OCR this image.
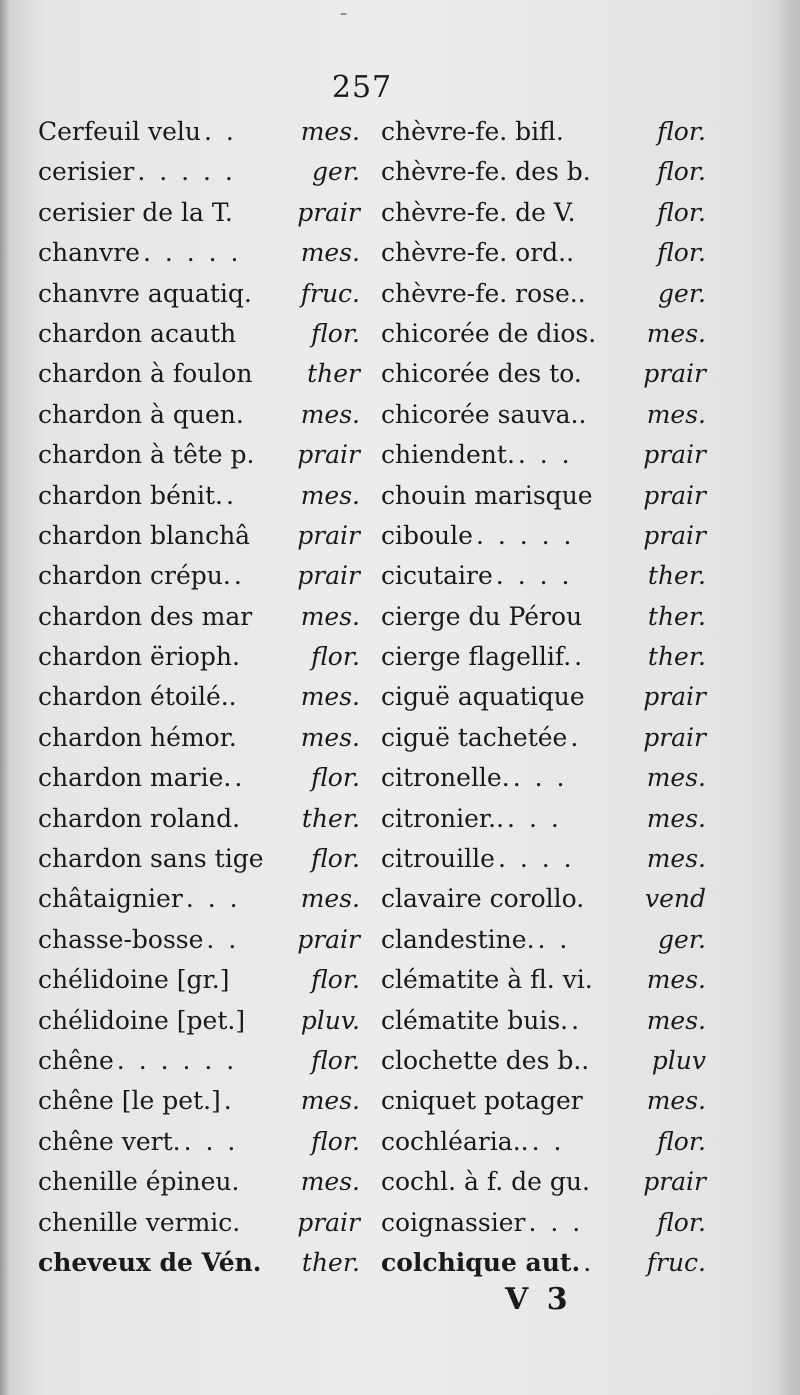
–
257
Cerfeuil velu . .	mes.
cerisier . . . . .	ger.
cerisier de la T.	prair
chanvre . . . . .	mes.
chanvre aquatiq. fruc.
chardon acauth	flor.
chardon à foulon ther
chardon à quen. mes.
chardon à tête p. prair
chardon bénit. .	mes.
chardon blanchâ prair
chardon crépu. .	prair
chardon des mar mes.
chardon ërioph.	flor.
chardon étoilé..	mes.
chardon hémor.	mes.
chardon marie. .	flor.
chardon roland. ther.
chardon sans tige flor.
châtaignier . . .	mes.
chasse-bosse . .	prair
chélidoine [gr.]	flor.
chélidoine [pet.] pluv.
chêne . . . . . .	flor.
chêne [le pet.] .	mes.
chêne vert. . . .	flor.
chenille épineu. mes.
chenille vermic. prair
cheveux de Vén. ther.
chèvre-fe. bifl.	flor.
chèvre-fe. des b.	flor.
chèvre-fe. de V.	flor.
chèvre-fe. ord..	flor.
chèvre-fe. rose..	ger.
chicorée de dios. mes.
chicorée des to. prair
chicorée sauva.. mes.
chiendent. . . .	prair
chouin marisque prair
ciboule . . . . .	prair
cicutaire . . . .	ther.
cierge du Pérou	ther.
cierge flagellif. .	ther.
ciguë aquatique prair
ciguë tachetée .	prair
citronelle. . . .	mes.
citronier.. . . .	mes.
citrouille . . . .	mes.
clavaire corollo. vend
clandestine. . .	ger.
clématite à fl. vi. mes.
clématite buis. .	mes.
clochette des b..	pluv
cniquet potager	mes.
cochléaria.. . .	flor.
cochl. à f. de gu. prair
coignassier . . .	flor.
colchique aut. .	fruc.
V 3
